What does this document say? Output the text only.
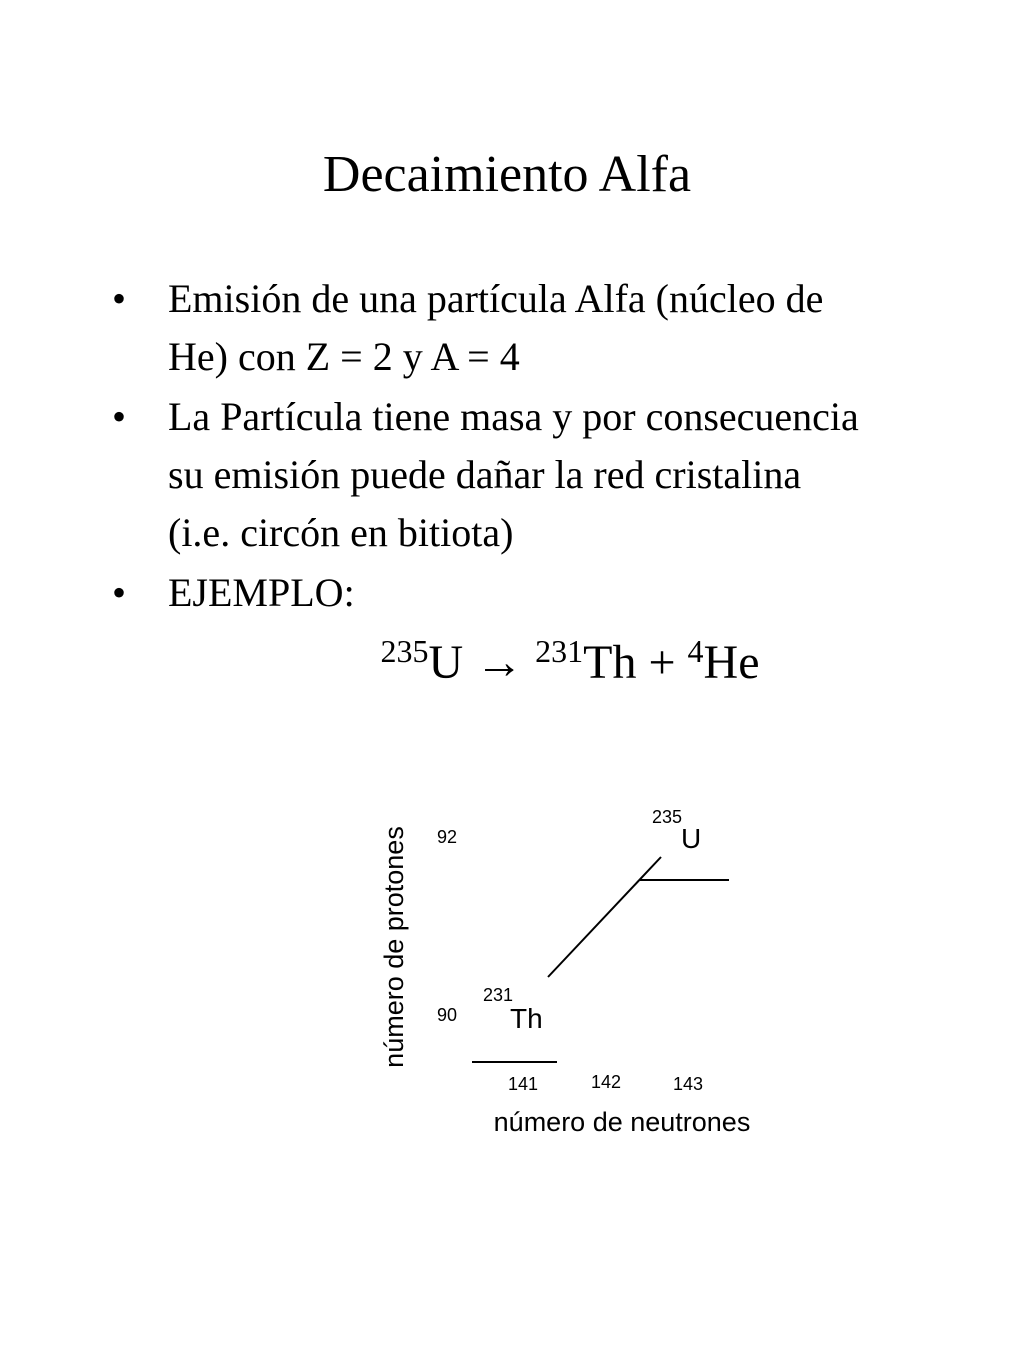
Decaimiento Alfa
• Emisión de una partícula Alfa (núcleo de
He) con Z = 2 y A = 4
• La Partícula tiene masa y por consecuencia
su emisión puede dañar la red cristalina
(i.e. circón en bitiota)
• EJEMPLO:
$^{235}$U → $^{231}$Th + $^4$He
número de protones 92
90
235
U
231
Th
141	142	143
número de neutrones
